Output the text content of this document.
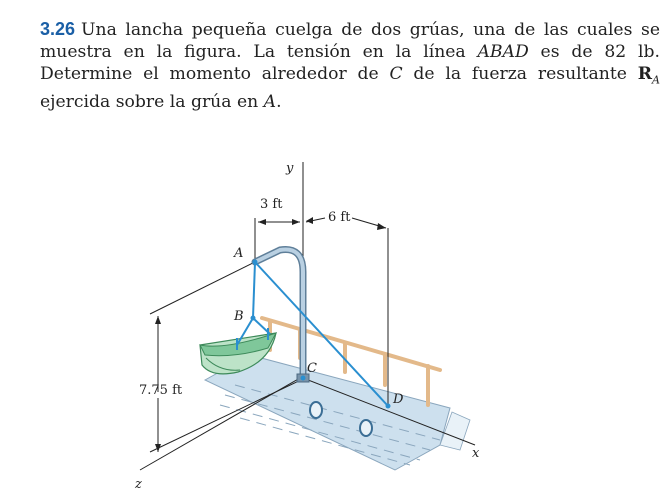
3.26 Una lancha pequeña cuelga de dos grúas, una de las cuales se muestra en la figura. La tensión en la línea ABAD es de 82 lb. Determine el momento alrededor de C de la fuerza resultante $R_A$ ejercida sobre la grúa en A.
y
x
z
3 ft
6 ft
7.75 ft
A
B
C
D
